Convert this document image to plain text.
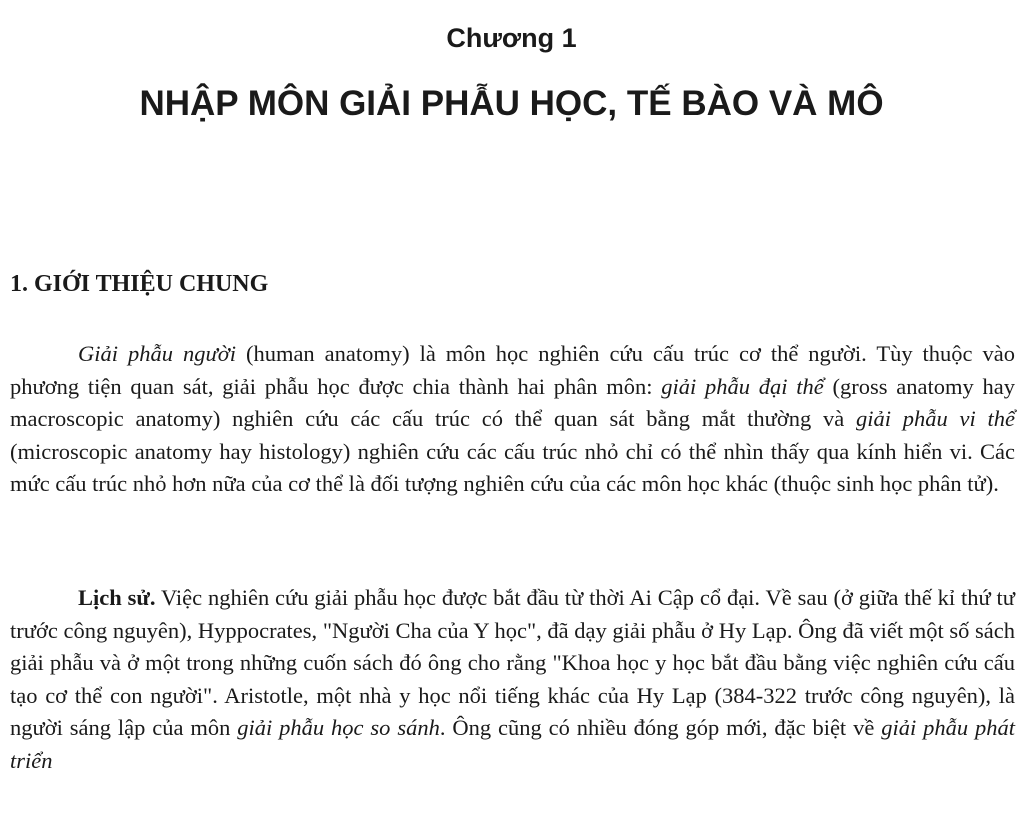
Chương 1
NHẬP MÔN GIẢI PHẪU HỌC, TẾ BÀO VÀ MÔ
1. GIỚI THIỆU CHUNG

Giải phẫu người (human anatomy) là môn học nghiên cứu cấu trúc cơ thể người. Tùy thuộc vào phương tiện quan sát, giải phẫu học được chia thành hai phân môn: giải phẫu đại thể (gross anatomy hay macroscopic anatomy) nghiên cứu các cấu trúc có thể quan sát bằng mắt thường và giải phẫu vi thể (microscopic anatomy hay histology) nghiên cứu các cấu trúc nhỏ chỉ có thể nhìn thấy qua kính hiển vi. Các mức cấu trúc nhỏ hơn nữa của cơ thể là đối tượng nghiên cứu của các môn học khác (thuộc sinh học phân tử).

Lịch sử. Việc nghiên cứu giải phẫu học được bắt đầu từ thời Ai Cập cổ đại. Về sau (ở giữa thế kỉ thứ tư trước công nguyên), Hyppocrates, "Người Cha của Y học", đã dạy giải phẫu ở Hy Lạp. Ông đã viết một số sách giải phẫu và ở một trong những cuốn sách đó ông cho rằng "Khoa học y học bắt đầu bằng việc nghiên cứu cấu tạo cơ thể con người". Aristotle, một nhà y học nổi tiếng khác của Hy Lạp (384-322 trước công nguyên), là người sáng lập của môn giải phẫu học so sánh. Ông cũng có nhiều đóng góp mới, đặc biệt về giải phẫu phát triển
